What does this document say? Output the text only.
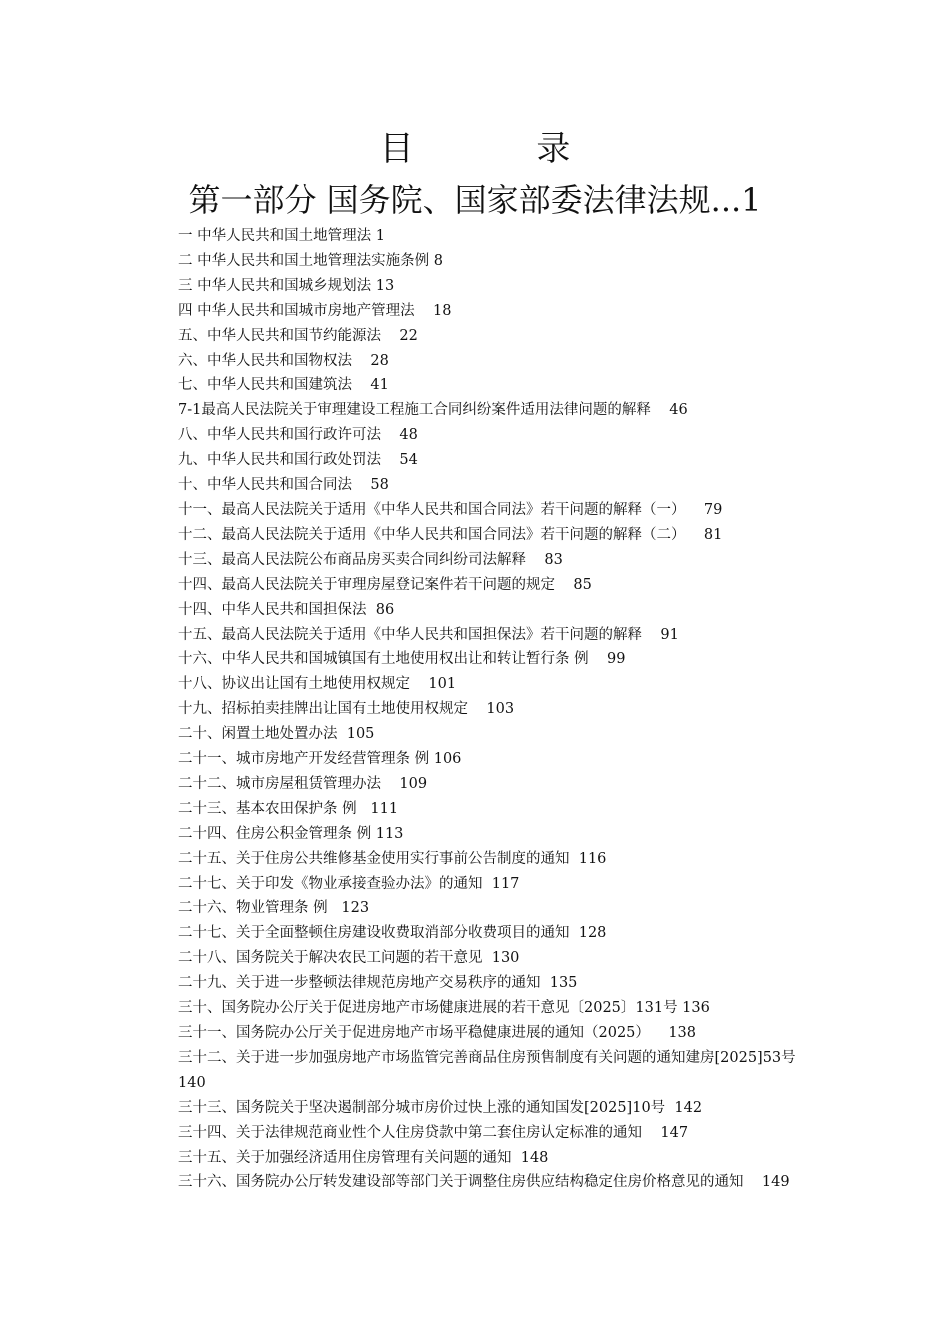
目 录
第一部分 国务院、国家部委法律法规...1
一 中华人民共和国土地管理法 1
二 中华人民共和国土地管理法实施条例 8
三 中华人民共和国城乡规划法 13
四 中华人民共和国城市房地产管理法    18
五、中华人民共和国节约能源法    22
六、中华人民共和国物权法    28
七、中华人民共和国建筑法    41
7-1最高人民法院关于审理建设工程施工合同纠纷案件适用法律问题的解释    46
八、中华人民共和国行政许可法    48
九、中华人民共和国行政处罚法    54
十、中华人民共和国合同法    58
十一、最高人民法院关于适用《中华人民共和国合同法》若干问题的解释（一）    79
十二、最高人民法院关于适用《中华人民共和国合同法》若干问题的解释（二）    81
十三、最高人民法院公布商品房买卖合同纠纷司法解释    83
十四、最高人民法院关于审理房屋登记案件若干问题的规定    85
十四、中华人民共和国担保法  86
十五、最高人民法院关于适用《中华人民共和国担保法》若干问题的解释    91
十六、中华人民共和国城镇国有土地使用权出让和转让暂行条 例    99
十八、协议出让国有土地使用权规定    101
十九、招标拍卖挂牌出让国有土地使用权规定    103
二十、闲置土地处置办法  105
二十一、城市房地产开发经营管理条 例 106
二十二、城市房屋租赁管理办法    109
二十三、基本农田保护条 例   111
二十四、住房公积金管理条 例 113
二十五、关于住房公共维修基金使用实行事前公告制度的通知  116
二十七、关于印发《物业承接查验办法》的通知  117
二十六、物业管理条 例   123
二十七、关于全面整顿住房建设收费取消部分收费项目的通知  128
二十八、国务院关于解决农民工问题的若干意见  130
二十九、关于进一步整顿法律规范房地产交易秩序的通知  135
三十、国务院办公厅关于促进房地产市场健康进展的若干意见〔2025〕131号 136
三十一、国务院办公厅关于促进房地产市场平稳健康进展的通知（2025）    138
三十二、关于进一步加强房地产市场监管完善商品住房预售制度有关问题的通知建房[2025]53号  140
三十三、国务院关于坚决遏制部分城市房价过快上涨的通知国发[2025]10号  142
三十四、关于法律规范商业性个人住房贷款中第二套住房认定标准的通知    147
三十五、关于加强经济适用住房管理有关问题的通知  148
三十六、国务院办公厅转发建设部等部门关于调整住房供应结构稳定住房价格意见的通知    149
